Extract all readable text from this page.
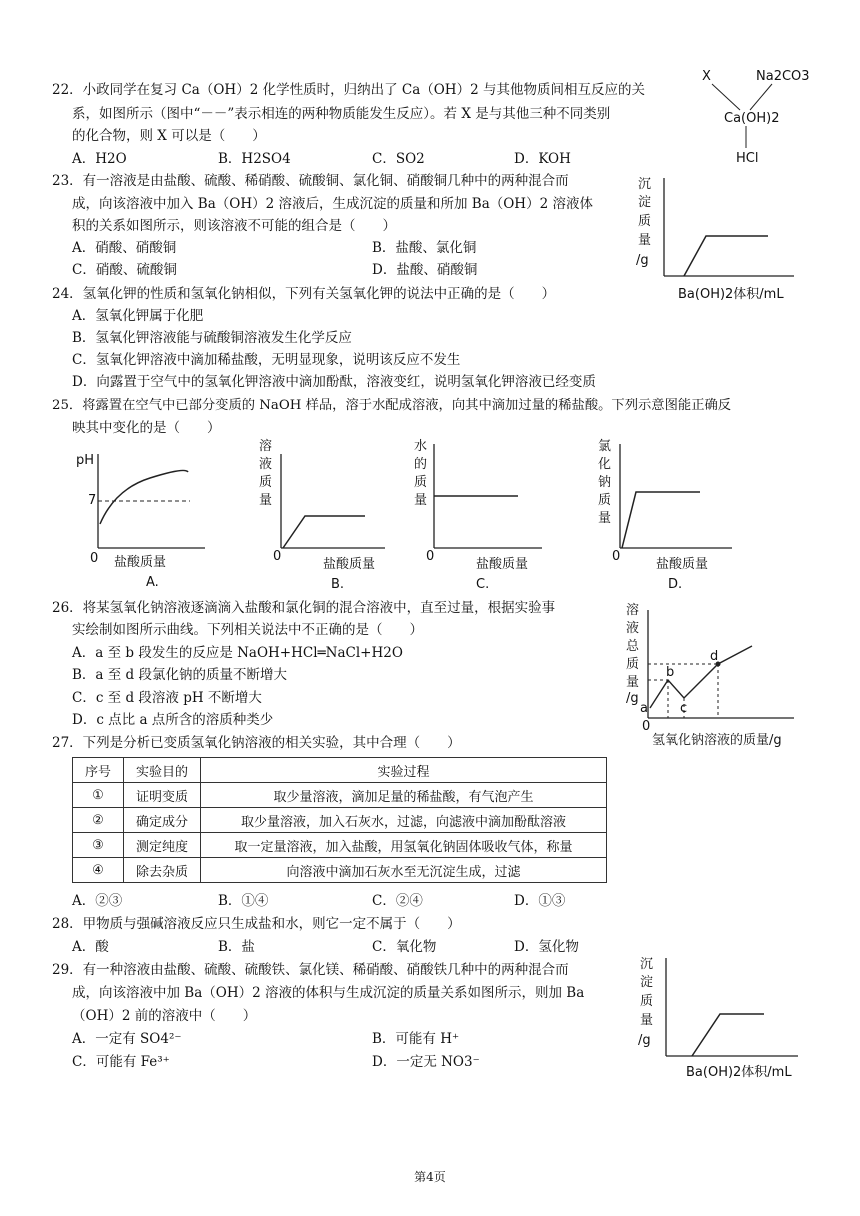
22．小政同学在复习 Ca（OH）2 化学性质时，归纳出了 Ca（OH）2 与其他物质间相互反应的关
系，如图所示（图中“－－”表示相连的两种物质能发生反应）。若 X 是与其他三种不同类别
的化合物，则 X 可以是（　　）
A．H2O	B．H2SO4	C．SO2	D．KOH
X	Na2CO3
Ca(OH)2
HCl
23．有一溶液是由盐酸、硫酸、稀硝酸、硫酸铜、氯化铜、硝酸铜几种中的两种混合而
成，向该溶液中加入 Ba（OH）2 溶液后，生成沉淀的质量和所加 Ba（OH）2 溶液体
积的关系如图所示，则该溶液不可能的组合是（　　）
A．硝酸、硝酸铜	B．盐酸、氯化铜
C．硝酸、硫酸铜	D．盐酸、硝酸铜
沉
淀
质
量
/g
Ba(OH)2体积/mL
24．氢氧化钾的性质和氢氧化钠相似，下列有关氢氧化钾的说法中正确的是（　　）
A．氢氧化钾属于化肥
B．氢氧化钾溶液能与硫酸铜溶液发生化学反应
C．氢氧化钾溶液中滴加稀盐酸，无明显现象，说明该反应不发生
D．向露置于空气中的氢氧化钾溶液中滴加酚酞，溶液变红，说明氢氧化钾溶液已经变质
25．将露置在空气中已部分变质的 NaOH 样品，溶于水配成溶液，向其中滴加过量的稀盐酸。下列示意图能正确反
映其中变化的是（　　）
pH
7
0 盐酸质量
A.
溶
液
质
量
0
盐酸质量
B.
水
的
质
量
0
盐酸质量
C.
氯
化
钠
质
量
0
盐酸质量
D.
26．将某氢氧化钠溶液逐滴滴入盐酸和氯化铜的混合溶液中，直至过量，根据实验事
实绘制如图所示曲线。下列相关说法中不正确的是（　　）
A．a 至 b 段发生的反应是 NaOH+HCl═NaCl+H2O
B．a 至 d 段氯化钠的质量不断增大
C．c 至 d 段溶液 pH 不断增大
D．c 点比 a 点所含的溶质种类少
溶
液
总
质
量
/g
a
b
c
d
0
氢氧化钠溶液的质量/g
27．下列是分析已变质氢氧化钠溶液的相关实验，其中合理（　　）
序号	实验目的	实验过程
①	证明变质	取少量溶液，滴加足量的稀盐酸，有气泡产生
②	确定成分	取少量溶液，加入石灰水，过滤，向滤液中滴加酚酞溶液
③	测定纯度	取一定量溶液，加入盐酸，用氢氧化钠固体吸收气体，称量
④	除去杂质	向溶液中滴加石灰水至无沉淀生成，过滤
A．②③	B．①④	C．②④	D．①③
28．甲物质与强碱溶液反应只生成盐和水，则它一定不属于（　　）
A．酸	B．盐	C．氧化物	D．氢化物
29．有一种溶液由盐酸、硫酸、硫酸铁、氯化镁、稀硝酸、硝酸铁几种中的两种混合而
成，向该溶液中加 Ba（OH）2 溶液的体积与生成沉淀的质量关系如图所示，则加 Ba
（OH）2 前的溶液中（　　）
A．一定有 SO4²⁻	B．可能有 H⁺
C．可能有 Fe³⁺	D．一定无 NO3⁻
沉
淀
质
量
/g
Ba(OH)2体积/mL
第4页
